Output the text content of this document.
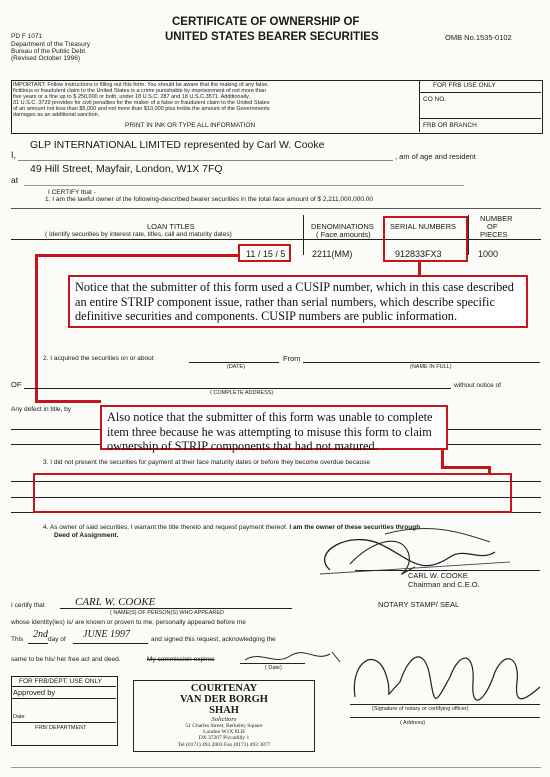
PD F 1071
Department of the Treasury
Bureau of the Public Debt
(Revised October 1996)
CERTIFICATE OF OWNERSHIP OF
UNITED STATES BEARER SECURITIES	OMB No.1535-0102
IMPORTANT: Follow instructions in filling out this form. You should be aware that the making of any false,
fictitious or fraudulent claim to the United States is a crime punishable by imprisonment of not more than
five years or a fine up to $ 250,000 or both, under 18 U.S.C. 287 and 18 U.S.C.3571. Additionally,
31 U.S.C. 3729 provides for civil penalties for the maker of a false or fraudulent claim to the United States
of an amount not less than $5,000 and not more than $10,000 plus treble the amount of the Governments
damages as an additional sanction.
PRINT IN INK OR TYPE ALL INFORMATION
FOR FRB USE ONLY
CO NO.
FRB OR BRANCH
I,
GLP INTERNATIONAL LIMITED represented by Carl W. Cooke
, am of age and resident
49 Hill Street, Mayfair, London, W1X 7FQ
at
I CERTIFY that -
1. I am the lawful owner of the following-described bearer securities in the total face amount of $ 2,211,000,000.00
LOAN TITLES
( Identify securities by interest rate, titles, call and maturity dates)
DENOMINATIONS
( Face amounts)
SERIAL NUMBERS
NUMBER
OF
PIECES
11 / 15 / 5	2211(MM)	912833FX3	1000
Notice that the submitter of this form used a CUSIP number, which in this case described an entire STRIP component issue, rather than serial numbers, which describe specific definitive securities and components. CUSIP numbers are public information.
2. I acquired the securities on or about
(DATE)
From
(NAME IN FULL)
OF
( COMPLETE ADDRESS)
without notice of
Any defect in title, by
Also notice that the submitter of this form was unable to complete item three because he was attempting to misuse this form to claim ownership of STRIP components that had not matured.
3. I did not present the securities for payment at their face maturity dates or before they become overdue because
4. As owner of said securities, I warrant the title thereto and request payment thereof. I am the owner of these securities through
Deed of Assignment.
CARL W. COOKE
Chairman and C.E.O.
NOTARY STAMP/ SEAL
I certify that	CARL W. COOKE
( NAME(S) OF PERSON(S) WHO APPEARED
whose identity(ies) is/ are known or proven to me, personally appeared before me
This 2nd day of JUNE 1997	and signed this request, acknowledging the
same to be his/ her free act and deed.	My commission expires
( Date)
FOR FRB/DEPT. USE ONLY
Approved by
Date
FRB/ DEPARTMENT
COURTENAY
VAN DER BORGH
SHAH
Solicitors
51 Charles Street, Berkeley Square
London W1X 8LH
DX 37207 Piccadilly 1
Tel (0171) 493 2003 Fax (0171) 493 3877
(Signature of notary or certifying officer)
( Address)
